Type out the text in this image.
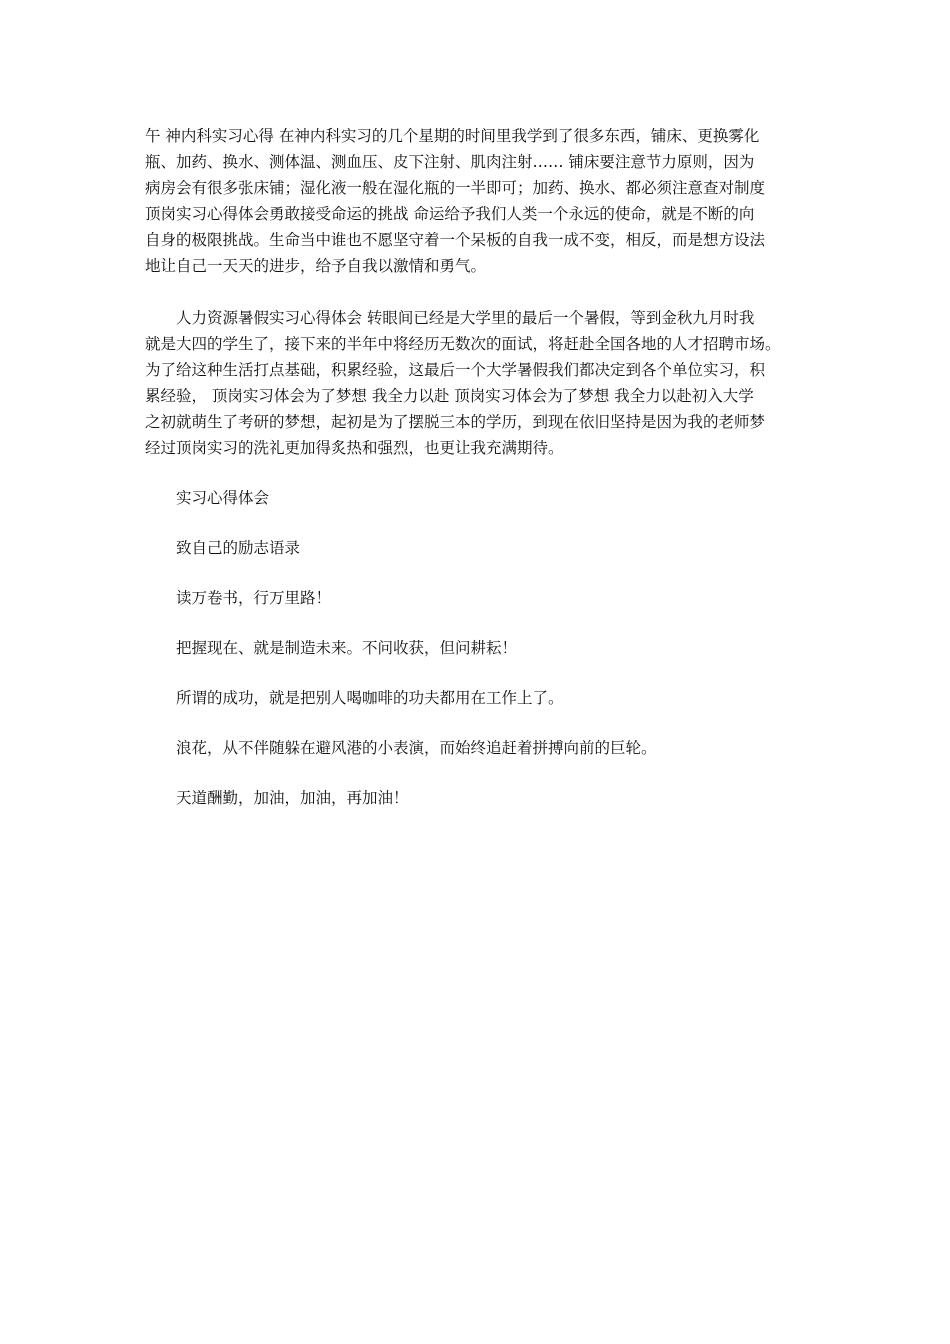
午 神内科实习心得 在神内科实习的几个星期的时间里我学到了很多东西，铺床、更换雾化
瓶、加药、换水、测体温、测血压、皮下注射、肌肉注射…… 铺床要注意节力原则，因为
病房会有很多张床铺；湿化液一般在湿化瓶的一半即可；加药、换水、都必须注意查对制度
顶岗实习心得体会勇敢接受命运的挑战 命运给予我们人类一个永远的使命，就是不断的向
自身的极限挑战。生命当中谁也不愿坚守着一个呆板的自我一成不变，相反，而是想方设法
地让自己一天天的进步，给予自我以激情和勇气。

人力资源暑假实习心得体会 转眼间已经是大学里的最后一个暑假，等到金秋九月时我
就是大四的学生了，接下来的半年中将经历无数次的面试，将赶赴全国各地的人才招聘市场。
为了给这种生活打点基础，积累经验，这最后一个大学暑假我们都决定到各个单位实习，积
累经验， 顶岗实习体会为了梦想 我全力以赴 顶岗实习体会为了梦想 我全力以赴初入大学
之初就萌生了考研的梦想，起初是为了摆脱三本的学历，到现在依旧坚持是因为我的老师梦
经过顶岗实习的洗礼更加得炙热和强烈，也更让我充满期待。

实习心得体会

致自己的励志语录

读万卷书，行万里路！

把握现在、就是制造未来。不问收获，但问耕耘！

所谓的成功，就是把别人喝咖啡的功夫都用在工作上了。

浪花，从不伴随躲在避风港的小表演，而始终追赶着拼搏向前的巨轮。

天道酬勤，加油，加油，再加油！
